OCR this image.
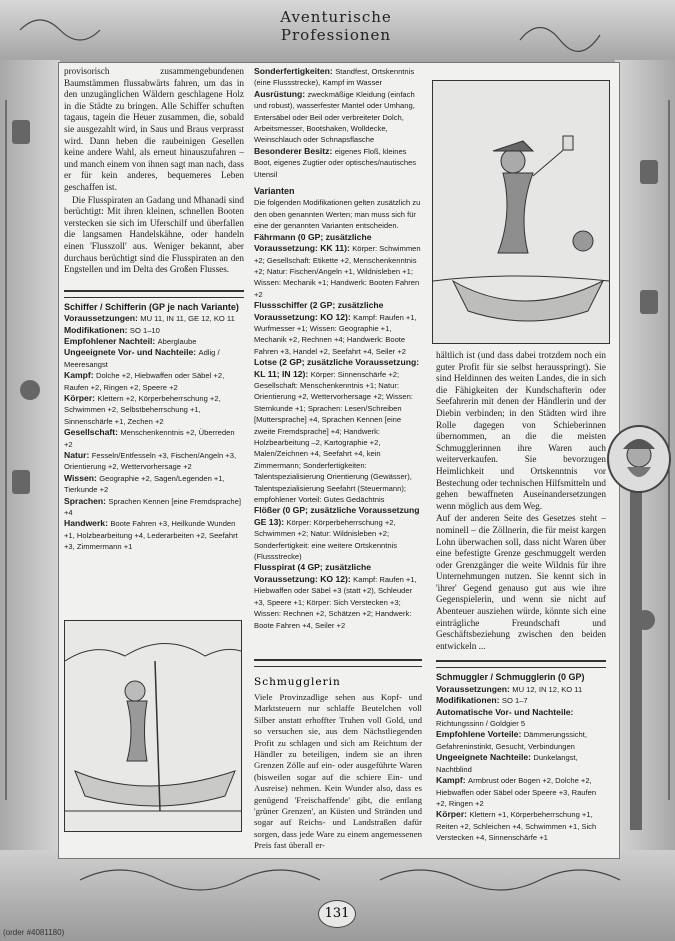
Aventurische
Professionen

provisorisch zusammengebundenen Baumstämmen flussabwärts fahren, um das in den unzugänglichen Wäldern geschlagene Holz in die Städte zu bringen. Alle Schiffer schuften tagaus, tagein die Heuer zusammen, die, sobald sie ausgezahlt wird, in Saus und Braus verprasst wird. Dann heben die raubeinigen Gesellen keine andere Wahl, als erneut hinauszufahren – und manch einem von ihnen sagt man nach, dass er für kein anderes, bequemeres Leben geschaffen ist.

Die Flusspiraten an Gadang und Mhanadi sind berüchtigt: Mit ihren kleinen, schnellen Booten verstecken sie sich im Uferschilf und überfallen die langsamen Handelskähne, oder handeln einen 'Flusszoll' aus. Weniger bekannt, aber durchaus berüchtigt sind die Flusspiraten an den Engstellen und im Delta des Großen Flusses.

Schiffer / Schifferin (GP je nach Variante)
Voraussetzungen: MU 11, IN 11, GE 12, KO 11
Modifikationen: SO 1–10
Empfohlener Nachteil: Aberglaube
Ungeeignete Vor- und Nachteile: Adlig / Meeresangst
Kampf: Dolche +2, Hiebwaffen oder Säbel +2, Raufen +2, Ringen +2, Speere +2
Körper: Klettern +2, Körperbeherrschung +2, Schwimmen +2, Selbstbeherrschung +1, Sinnenschärfe +1, Zechen +2
Gesellschaft: Menschenkenntnis +2, Überreden +2
Natur: Fesseln/Entfesseln +3, Fischen/Angeln +3, Orientierung +2, Wettervorhersage +2
Wissen: Geographie +2, Sagen/Legenden +1, Tierkunde +2
Sprachen: Sprachen Kennen [eine Fremdsprache] +4
Handwerk: Boote Fahren +3, Heilkunde Wunden +1, Holzbearbeitung +4, Lederarbeiten +2, Seefahrt +3, Zimmermann +1
Sonderfertigkeiten: Standfest, Ortskenntnis (eine Flussstrecke), Kampf im Wasser
Ausrüstung: zweckmäßige Kleidung (einfach und robust), wasserfester Mantel oder Umhang, Entersäbel oder Beil oder verbreiteter Dolch, Arbeitsmesser, Bootshaken, Wolldecke, Weinschlauch oder Schnapsflasche
Besonderer Besitz: eigenes Floß, kleines Boot, eigenes Zugtier oder optisches/nautisches Utensil
Varianten
Die folgenden Modifikationen gelten zusätzlich zu den oben genannten Werten; man muss sich für eine der genannten Varianten entscheiden.
Fährmann (0 GP; zusätzliche Voraussetzung: KK 11): Körper: Schwimmen +2; Gesellschaft: Etikette +2, Menschenkenntnis +2; Natur: Fischen/Angeln +1, Wildnisleben +1; Wissen: Mechanik +1; Handwerk: Booten Fahren +2
Flussschiffer (2 GP; zusätzliche Voraussetzung: KO 12): Kampf: Raufen +1, Wurfmesser +1; Wissen: Geographie +1, Mechanik +2, Rechnen +4; Handwerk: Boote Fahren +3, Handel +2, Seefahrt +4, Seiler +2
Lotse (2 GP; zusätzliche Voraussetzung: KL 11; IN 12): Körper: Sinnenschärfe +2; Gesellschaft: Menschenkenntnis +1; Natur: Orientierung +2, Wettervorhersage +2; Wissen: Sternkunde +1; Sprachen: Lesen/Schreiben [Muttersprache] +4, Sprachen Kennen [eine zweite Fremdsprache] +4; Handwerk: Holzbearbeitung –2, Kartographie +2, Malen/Zeichnen +4, Seefahrt +4, kein Zimmermann; Sonderfertigkeiten: Talentspezialisierung Orientierung (Gewässer), Talentspezialisierung Seefahrt (Steuermann); empfohlener Vorteil: Gutes Gedächtnis
Flößer (0 GP; zusätzliche Voraussetzung GE 13): Körper: Körperbeherrschung +2, Schwimmen +2; Natur: Wildnisleben +2; Sonderfertigkeit: eine weitere Ortskenntnis (Flussstrecke)
Flusspirat (4 GP; zusätzliche Voraussetzung: KO 12): Kampf: Raufen +1, Hiebwaffen oder Säbel +3 (statt +2), Schleuder +3, Speere +1; Körper: Sich Verstecken +3; Wissen: Rechnen +2, Schätzen +2; Handwerk: Boote Fahren +4, Seiler +2
Schmugglerin

Viele Provinzadlige sehen aus Kopf- und Marktsteuern nur schlaffe Beutelchen voll Silber anstatt erhoffter Truhen voll Gold, und so versuchen sie, aus dem Nächstliegenden Profit zu schlagen und sich am Reichtum der Händler zu beteiligen, indem sie an ihren Grenzen Zölle auf ein- oder ausgeführte Waren (bisweilen sogar auf die schiere Ein- und Ausreise) nehmen. Kein Wunder also, dass es genügend 'Freischaffende' gibt, die entlang 'grüner Grenzen', an Küsten und Stränden und sogar auf Reichs- und Landstraßen dafür sorgen, dass jede Ware zu einem angemessenen Preis fast überall er-

hältlich ist (und dass dabei trotzdem noch ein guter Profit für sie selbst herausspringt). Sie sind Heldinnen des weiten Landes, die in sich die Fähigkeiten der Kundschafterin oder Seefahrerin mit denen der Händlerin und der Diebin verbinden; in den Städten wird ihre Rolle dagegen von Schieberinnen übernommen, an die die meisten Schmugglerinnen ihre Waren auch weiterverkaufen. Sie bevorzugen Heimlichkeit und Ortskenntnis vor Bestechung oder technischen Hilfsmitteln und gehen bewaffneten Auseinandersetzungen wenn möglich aus dem Weg.

Auf der anderen Seite des Gesetzes steht – nominell – die Zöllnerin, die für meist kargen Lohn überwachen soll, dass nicht Waren über eine befestigte Grenze geschmuggelt werden oder Grenzgänger die weite Wildnis für ihre Unternehmungen nutzen. Sie kennt sich in 'ihrer' Gegend genauso gut aus wie ihre Gegenspielerin, und wenn sie nicht auf Abenteuer ausziehen würde, könnte sich eine einträgliche Freundschaft und Geschäftsbeziehung zwischen den beiden entwickeln ...

Schmuggler / Schmugglerin (0 GP)
Voraussetzungen: MU 12, IN 12, KO 11
Modifikationen: SO 1–7
Automatische Vor- und Nachteile: Richtungssinn / Goldgier 5
Empfohlene Vorteile: Dämmerungssicht, Gefahreninstinkt, Gesucht, Verbindungen
Ungeeignete Nachteile: Dunkelangst, Nachtblind
Kampf: Armbrust oder Bogen +2, Dolche +2, Hiebwaffen oder Säbel oder Speere +3, Raufen +2, Ringen +2
Körper: Klettern +1, Körperbeherrschung +1, Reiten +2, Schleichen +4, Schwimmen +1, Sich Verstecken +4, Sinnenschärfe +1
131
(order #4081180)
